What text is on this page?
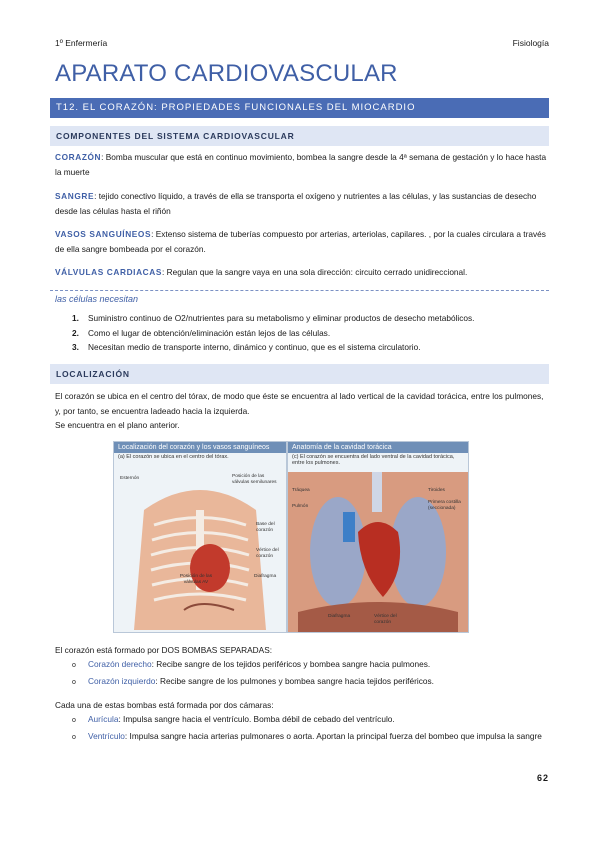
1º Enfermería	Fisiología
APARATO CARDIOVASCULAR
T12. EL CORAZÓN: PROPIEDADES FUNCIONALES DEL MIOCARDIO
COMPONENTES DEL SISTEMA CARDIOVASCULAR
CORAZÓN: Bomba muscular que está en continuo movimiento, bombea la sangre desde la 4ª semana de gestación y lo hace hasta la muerte
SANGRE: tejido conectivo líquido, a través de ella se transporta el oxígeno y nutrientes a las células, y las sustancias de desecho desde las células hasta el riñón
VASOS SANGUÍNEOS: Extenso sistema de tuberías compuesto por arterias, arteriolas, capilares. , por la cuales circulara a través de ella sangre bombeada por el corazón.
VÁLVULAS CARDIACAS: Regulan que la sangre vaya en una sola dirección: circuito cerrado unidireccional.
las células necesitan
1. Suministro continuo de O2/nutrientes para su metabolismo y eliminar productos de desecho metabólicos.
2. Como el lugar de obtención/eliminación están lejos de las células.
3. Necesitan medio de transporte interno, dinámico y continuo, que es el sistema circulatorio.
LOCALIZACIÓN
El corazón se ubica en el centro del tórax, de modo que éste se encuentra al lado vertical de la cavidad torácica, entre los pulmones, y, por tanto, se encuentra ladeado hacia la izquierda.
Se encuentra en el plano anterior.
Localización del corazón y los vasos sanguíneos
(a) El corazón se ubica en el centro del tórax.
Esternón	Posición de las válvulas semilunares
Base del corazón
Vértice del corazón
Diafragma
Posición de las válvulas AV
Anatomía de la cavidad torácica
(c) El corazón se encuentra del lado ventral de la cavidad torácica, entre los pulmones.
Tráquea
Pulmón
Tiroides
Primera costilla (seccionada)
Diafragma	Vértice del corazón
El corazón está formado por DOS BOMBAS SEPARADAS:
o Corazón derecho: Recibe sangre de los tejidos periféricos y bombea sangre hacia pulmones.
o Corazón izquierdo: Recibe sangre de los pulmones y bombea sangre hacia tejidos periféricos.
Cada una de estas bombas está formada por dos cámaras:
o Aurícula: Impulsa sangre hacia el ventrículo. Bomba débil de cebado del ventrículo.
o Ventrículo: Impulsa sangre hacia arterias pulmonares o aorta. Aportan la principal fuerza del bombeo que impulsa la sangre
62
